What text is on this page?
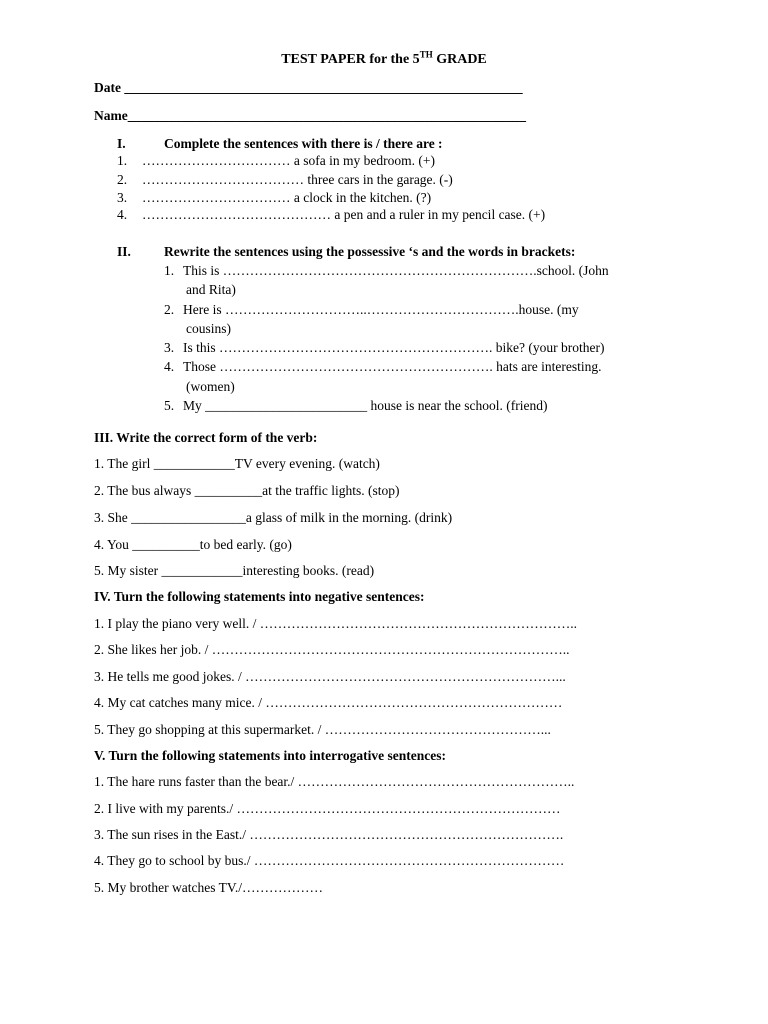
TEST PAPER for the 5TH GRADE
Date ___________________________________________________________
Name___________________________________________________________
I.	Complete the sentences with there is / there are :
1. …………………………… a sofa in my bedroom. (+)
2. ……………………………… three cars in the garage. (-)
3. …………………………… a clock in the kitchen. (?)
4. …………………………………… a pen and a ruler in my pencil case. (+)
II. Rewrite the sentences using the possessive ‘s and the words in brackets:
1. This is …………………………………………………………….school. (John
and Rita)
2. Here is …………………………..…………………………….house. (my
cousins)
3. Is this ……………………………………………………. bike? (your brother)
4. Those ……………………………………………………. hats are interesting.
(women)
5. My ________________________ house is near the school. (friend)
III. Write the correct form of the verb:
1. The girl ____________TV every evening. (watch)
2. The bus always __________at the traffic lights. (stop)
3. She _________________a glass of milk in the morning. (drink)
4. You __________to bed early. (go)
5. My sister ____________interesting books. (read)
IV. Turn the following statements into negative sentences:
1. I play the piano very well. / ……………………………………………………………..
2. She likes her job. / ……………………………………………………………………..
3. He tells me good jokes. / ……………………………………………………………...
4. My cat catches many mice. / …………………………………………………………
5. They go shopping at this supermarket. / …………………………………………...
V. Turn the following statements into interrogative sentences:
1. The hare runs faster than the bear./ ……………………………………………………..
2. I live with my parents./ ………………………………………………………………
3. The sun rises in the East./ …………………………………………………………….
4. They go to school by bus./ ……………………………………………………………
5. My brother watches TV./………………
